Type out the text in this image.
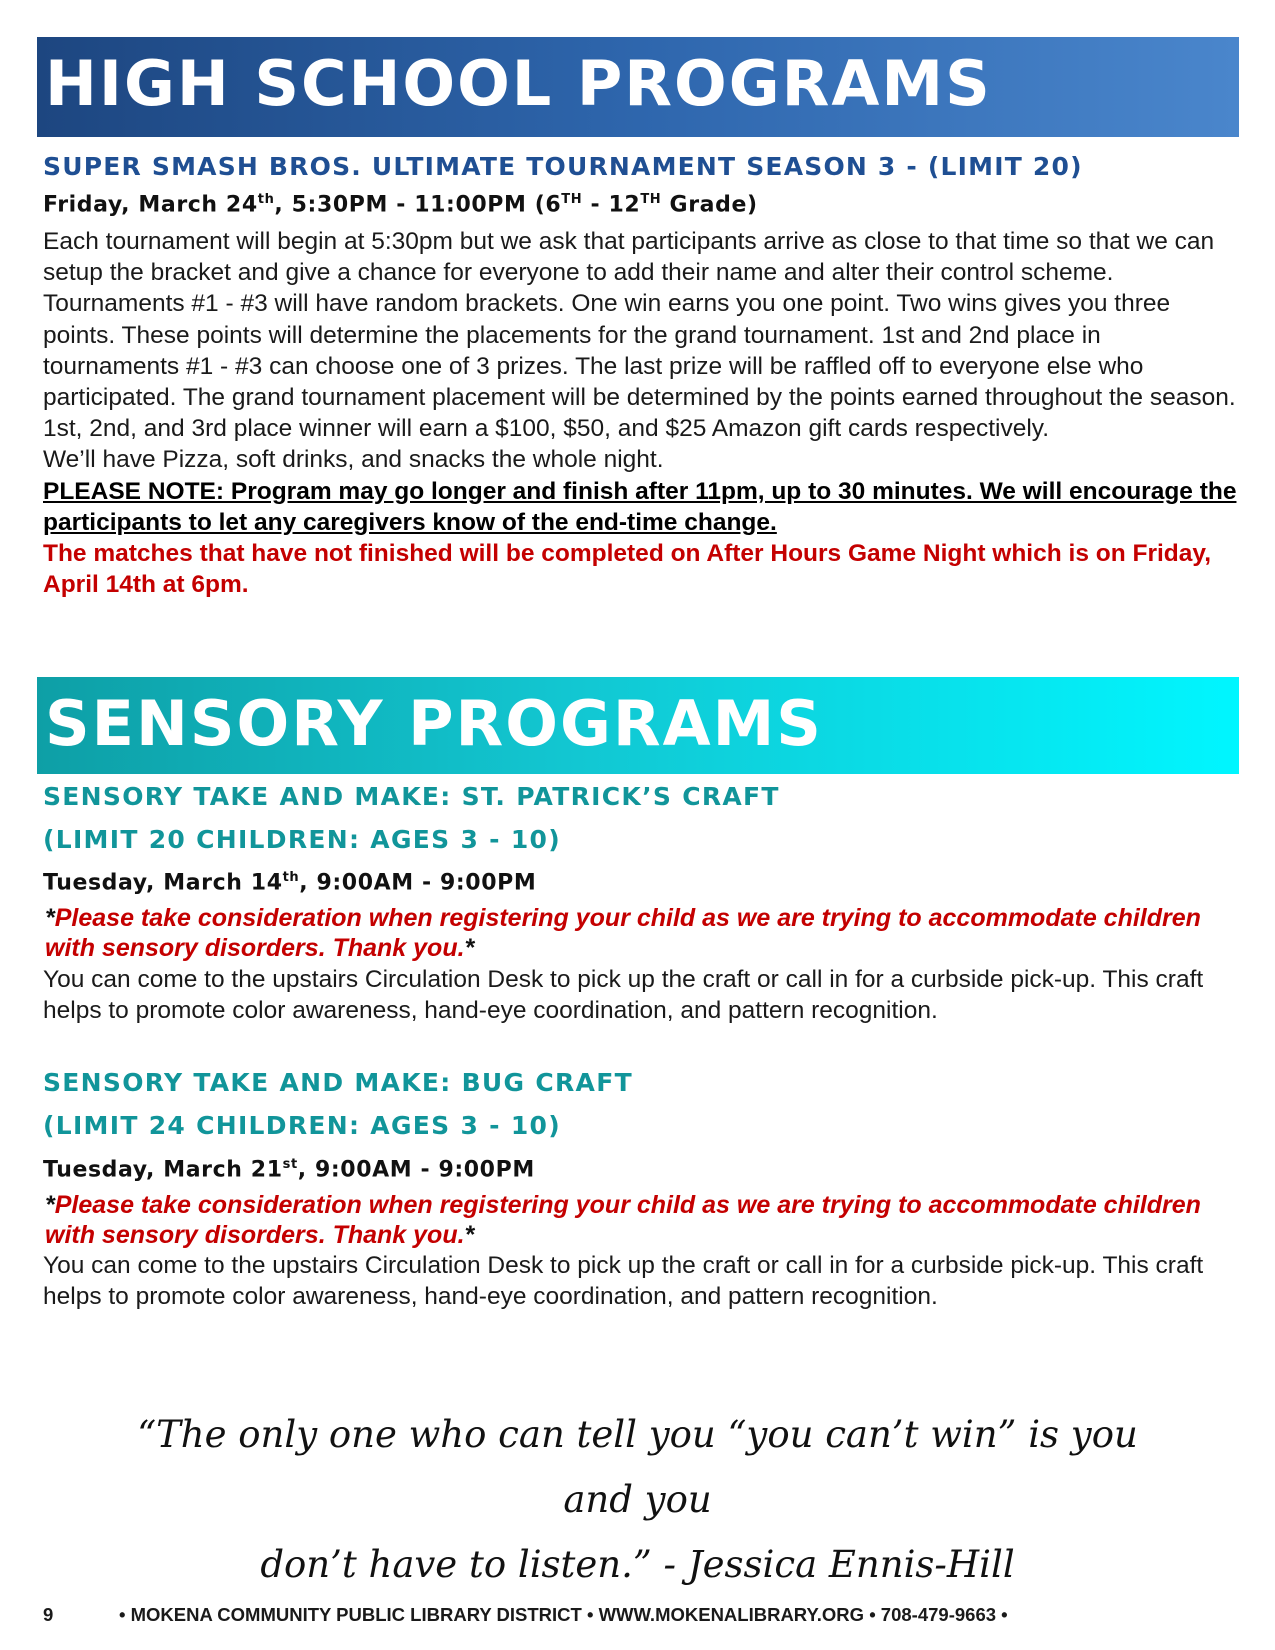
HIGH SCHOOL PROGRAMS
SUPER SMASH BROS. ULTIMATE TOURNAMENT SEASON 3 - (LIMIT 20)
Friday, March 24th, 5:30PM - 11:00PM (6TH - 12TH Grade)

Each tournament will begin at 5:30pm but we ask that participants arrive as close to that time so that we can setup the bracket and give a chance for everyone to add their name and alter their control scheme.

Tournaments #1 - #3 will have random brackets. One win earns you one point. Two wins gives you three points. These points will determine the placements for the grand tournament. 1st and 2nd place in tournaments #1 - #3 can choose one of 3 prizes. The last prize will be raffled off to everyone else who participated. The grand tournament placement will be determined by the points earned throughout the season.

1st, 2nd, and 3rd place winner will earn a $100, $50, and $25 Amazon gift cards respectively.

We’ll have Pizza, soft drinks, and snacks the whole night.

PLEASE NOTE: Program may go longer and finish after 11pm, up to 30 minutes. We will encourage the participants to let any caregivers know of the end-time change.

The matches that have not finished will be completed on After Hours Game Night which is on Friday, April 14th at 6pm.

SENSORY PROGRAMS
SENSORY TAKE AND MAKE: ST. PATRICK’S CRAFT
(LIMIT 20 CHILDREN: AGES 3 - 10)
Tuesday, March 14th, 9:00AM - 9:00PM
*Please take consideration when registering your child as we are trying to accommodate children with sensory disorders. Thank you.*
You can come to the upstairs Circulation Desk to pick up the craft or call in for a curbside pick-up. This craft helps to promote color awareness, hand-eye coordination, and pattern recognition.
SENSORY TAKE AND MAKE: BUG CRAFT
(LIMIT 24 CHILDREN: AGES 3 - 10)
Tuesday, March 21st, 9:00AM - 9:00PM
*Please take consideration when registering your child as we are trying to accommodate children with sensory disorders. Thank you.*
You can come to the upstairs Circulation Desk to pick up the craft or call in for a curbside pick-up. This craft helps to promote color awareness, hand-eye coordination, and pattern recognition.
“The only one who can tell you “you can’t win” is you and you
don’t have to listen.” - Jessica Ennis-Hill
9	• MOKENA COMMUNITY PUBLIC LIBRARY DISTRICT • WWW.MOKENALIBRARY.ORG • 708-479-9663 •
